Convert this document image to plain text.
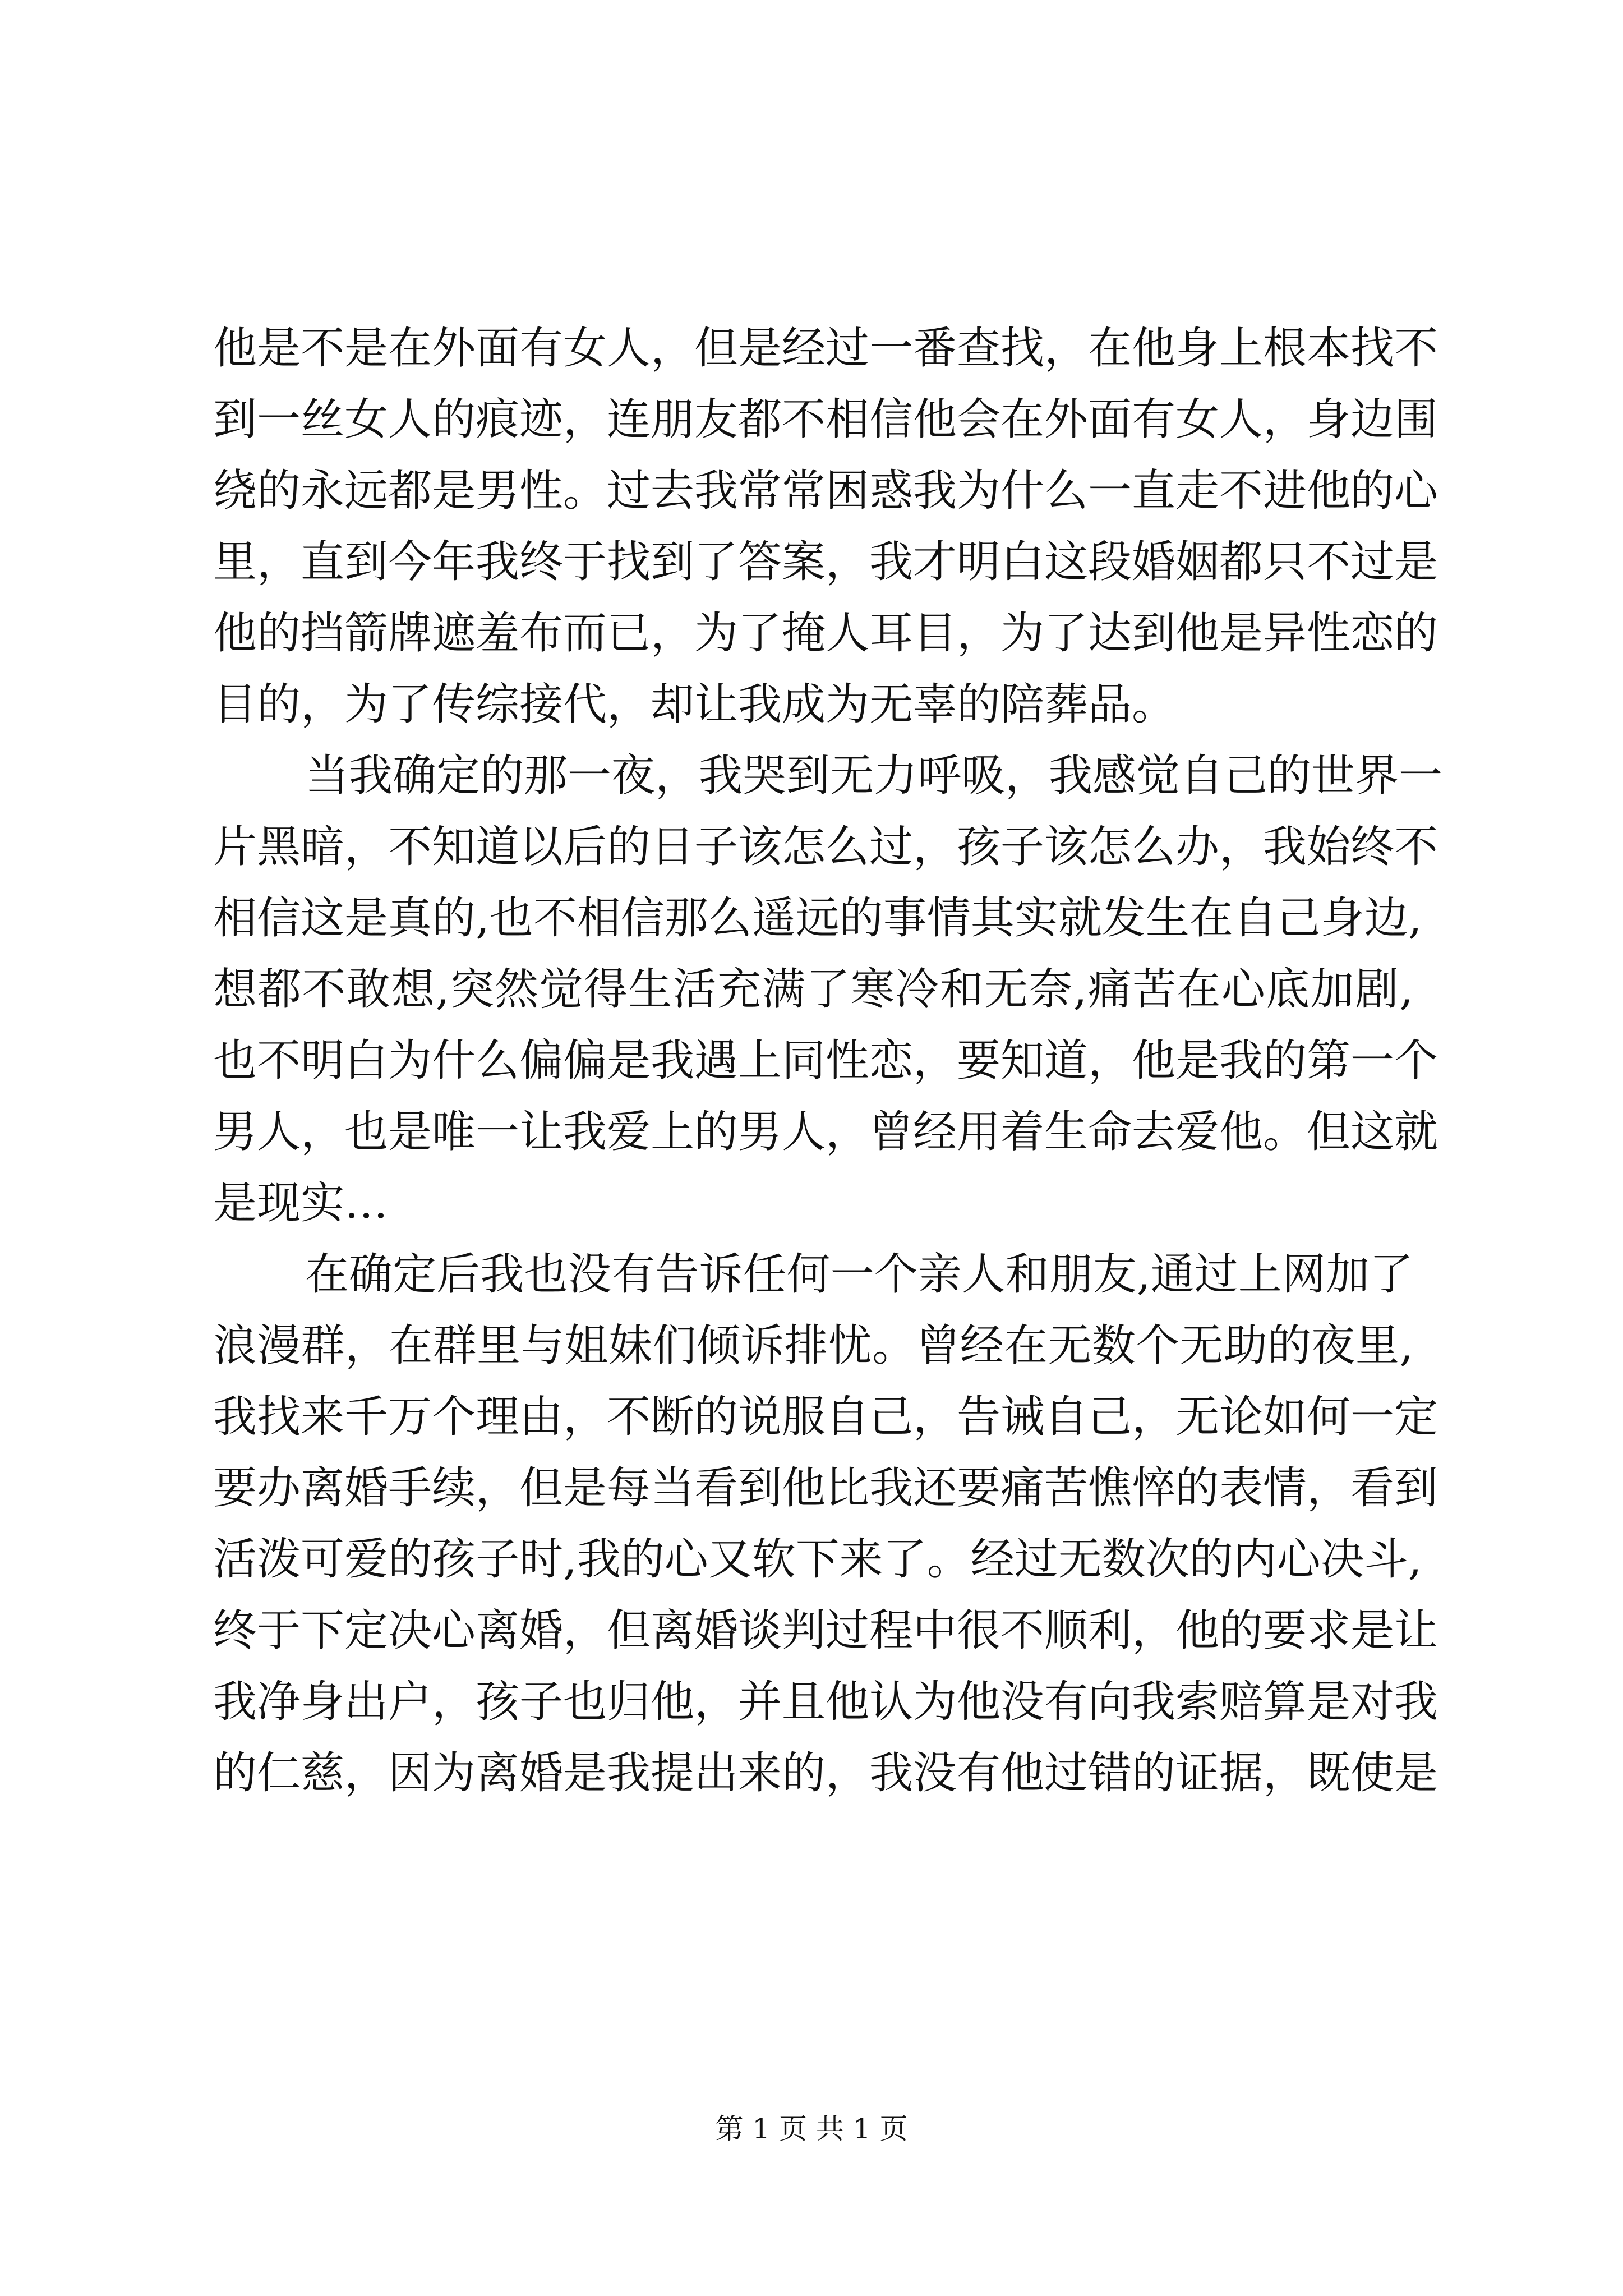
他是不是在外面有女人，但是经过一番查找，在他身上根本找不
到一丝女人的痕迹，连朋友都不相信他会在外面有女人，身边围
绕的永远都是男性。过去我常常困惑我为什么一直走不进他的心
里，直到今年我终于找到了答案，我才明白这段婚姻都只不过是
他的挡箭牌遮羞布而已，为了掩人耳目，为了达到他是异性恋的
目的，为了传综接代，却让我成为无辜的陪葬品。
当我确定的那一夜，我哭到无力呼吸，我感觉自己的世界一
片黑暗，不知道以后的日子该怎么过，孩子该怎么办，我始终不
相信这是真的,也不相信那么遥远的事情其实就发生在自己身边,
想都不敢想,突然觉得生活充满了寒冷和无奈,痛苦在心底加剧,
也不明白为什么偏偏是我遇上同性恋，要知道，他是我的第一个
男人，也是唯一让我爱上的男人，曾经用着生命去爱他。但这就
是现实…
在确定后我也没有告诉任何一个亲人和朋友,通过上网加了
浪漫群，在群里与姐妹们倾诉排忧。曾经在无数个无助的夜里,
我找来千万个理由，不断的说服自己，告诫自己，无论如何一定
要办离婚手续，但是每当看到他比我还要痛苦憔悴的表情，看到
活泼可爱的孩子时,我的心又软下来了。经过无数次的内心决斗,
终于下定决心离婚，但离婚谈判过程中很不顺利，他的要求是让
我净身出户，孩子也归他，并且他认为他没有向我索赔算是对我
的仁慈，因为离婚是我提出来的，我没有他过错的证据，既使是
第 1 页 共 1 页
